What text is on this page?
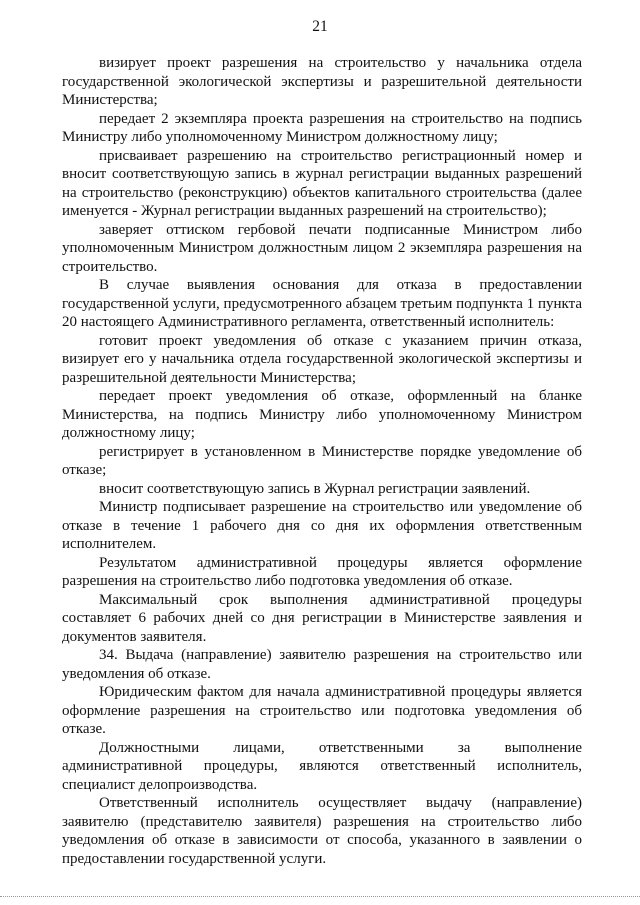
21

визирует проект разрешения на строительство у начальника отдела государственной экологической экспертизы и разрешительной деятельности Министерства;

передает 2 экземпляра проекта разрешения на строительство на подпись Министру либо уполномоченному Министром должностному лицу;

присваивает разрешению на строительство регистрационный номер и вносит соответствующую запись в журнал регистрации выданных разрешений на строительство (реконструкцию) объектов капитального строительства (далее именуется - Журнал регистрации выданных разрешений на строительство);

заверяет оттиском гербовой печати подписанные Министром либо уполномоченным Министром должностным лицом 2 экземпляра разрешения на строительство.

В случае выявления основания для отказа в предоставлении государственной услуги, предусмотренного абзацем третьим подпункта 1 пункта 20 настоящего Административного регламента, ответственный исполнитель:

готовит проект уведомления об отказе с указанием причин отказа, визирует его у начальника отдела государственной экологической экспертизы и разрешительной деятельности Министерства;

передает проект уведомления об отказе, оформленный на бланке Министерства, на подпись Министру либо уполномоченному Министром должностному лицу;

регистрирует в установленном в Министерстве порядке уведомление об отказе;

вносит соответствующую запись в Журнал регистрации заявлений.

Министр подписывает разрешение на строительство или уведомление об отказе в течение 1 рабочего дня со дня их оформления ответственным исполнителем.

Результатом административной процедуры является оформление разрешения на строительство либо подготовка уведомления об отказе.

Максимальный срок выполнения административной процедуры составляет 6 рабочих дней со дня регистрации в Министерстве заявления и документов заявителя.

34. Выдача (направление) заявителю разрешения на строительство или уведомления об отказе.

Юридическим фактом для начала административной процедуры является оформление разрешения на строительство или подготовка уведомления об отказе.

Должностными лицами, ответственными за выполнение административной процедуры, являются ответственный исполнитель, специалист делопроизводства.

Ответственный исполнитель осуществляет выдачу (направление) заявителю (представителю заявителя) разрешения на строительство либо уведомления об отказе в зависимости от способа, указанного в заявлении о предоставлении государственной услуги.
